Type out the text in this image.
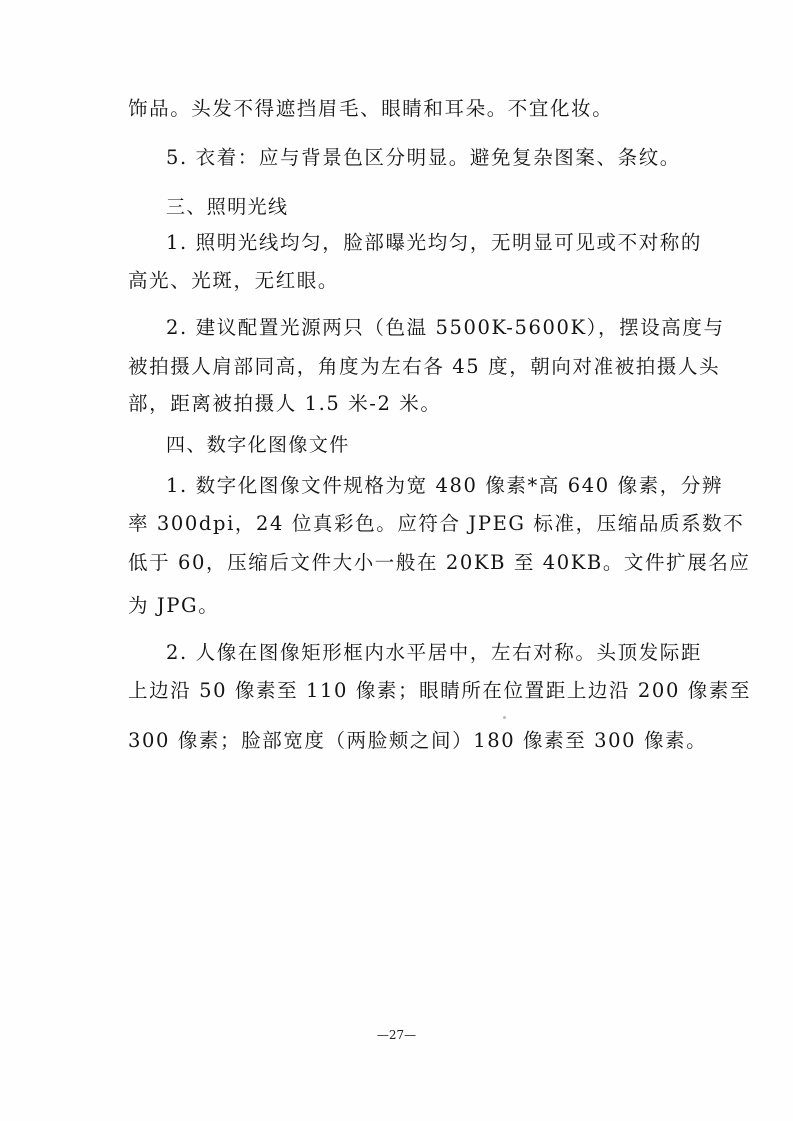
饰品。头发不得遮挡眉毛、眼睛和耳朵。不宜化妆。
5. 衣着：应与背景色区分明显。避免复杂图案、条纹。
三、照明光线
1. 照明光线均匀，脸部曝光均匀，无明显可见或不对称的
高光、光斑，无红眼。
2. 建议配置光源两只（色温 5500K-5600K），摆设高度与
被拍摄人肩部同高，角度为左右各 45 度，朝向对准被拍摄人头
部，距离被拍摄人 1.5 米-2 米。
四、数字化图像文件
1. 数字化图像文件规格为宽 480 像素*高 640 像素，分辨
率 300dpi，24 位真彩色。应符合 JPEG 标准，压缩品质系数不
低于 60，压缩后文件大小一般在 20KB 至 40KB。文件扩展名应
为 JPG。
2. 人像在图像矩形框内水平居中，左右对称。头顶发际距
上边沿 50 像素至 110 像素；眼睛所在位置距上边沿 200 像素至
300 像素；脸部宽度（两脸颊之间）180 像素至 300 像素。
—27—
